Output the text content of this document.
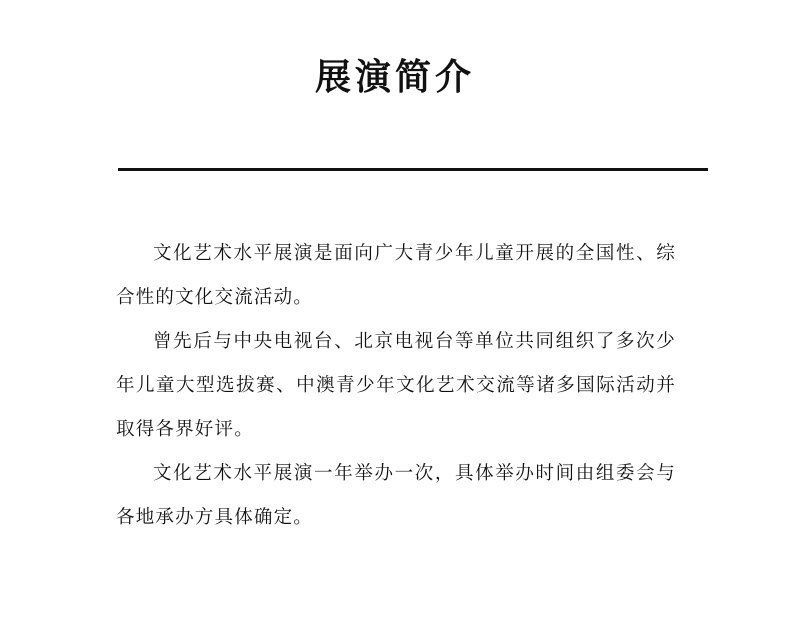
展演简介

文化艺术水平展演是面向广大青少年儿童开展的全国性、综合性的文化交流活动。

曾先后与中央电视台、北京电视台等单位共同组织了多次少年儿童大型选拔赛、中澳青少年文化艺术交流等诸多国际活动并取得各界好评。

文化艺术水平展演一年举办一次，具体举办时间由组委会与各地承办方具体确定。
